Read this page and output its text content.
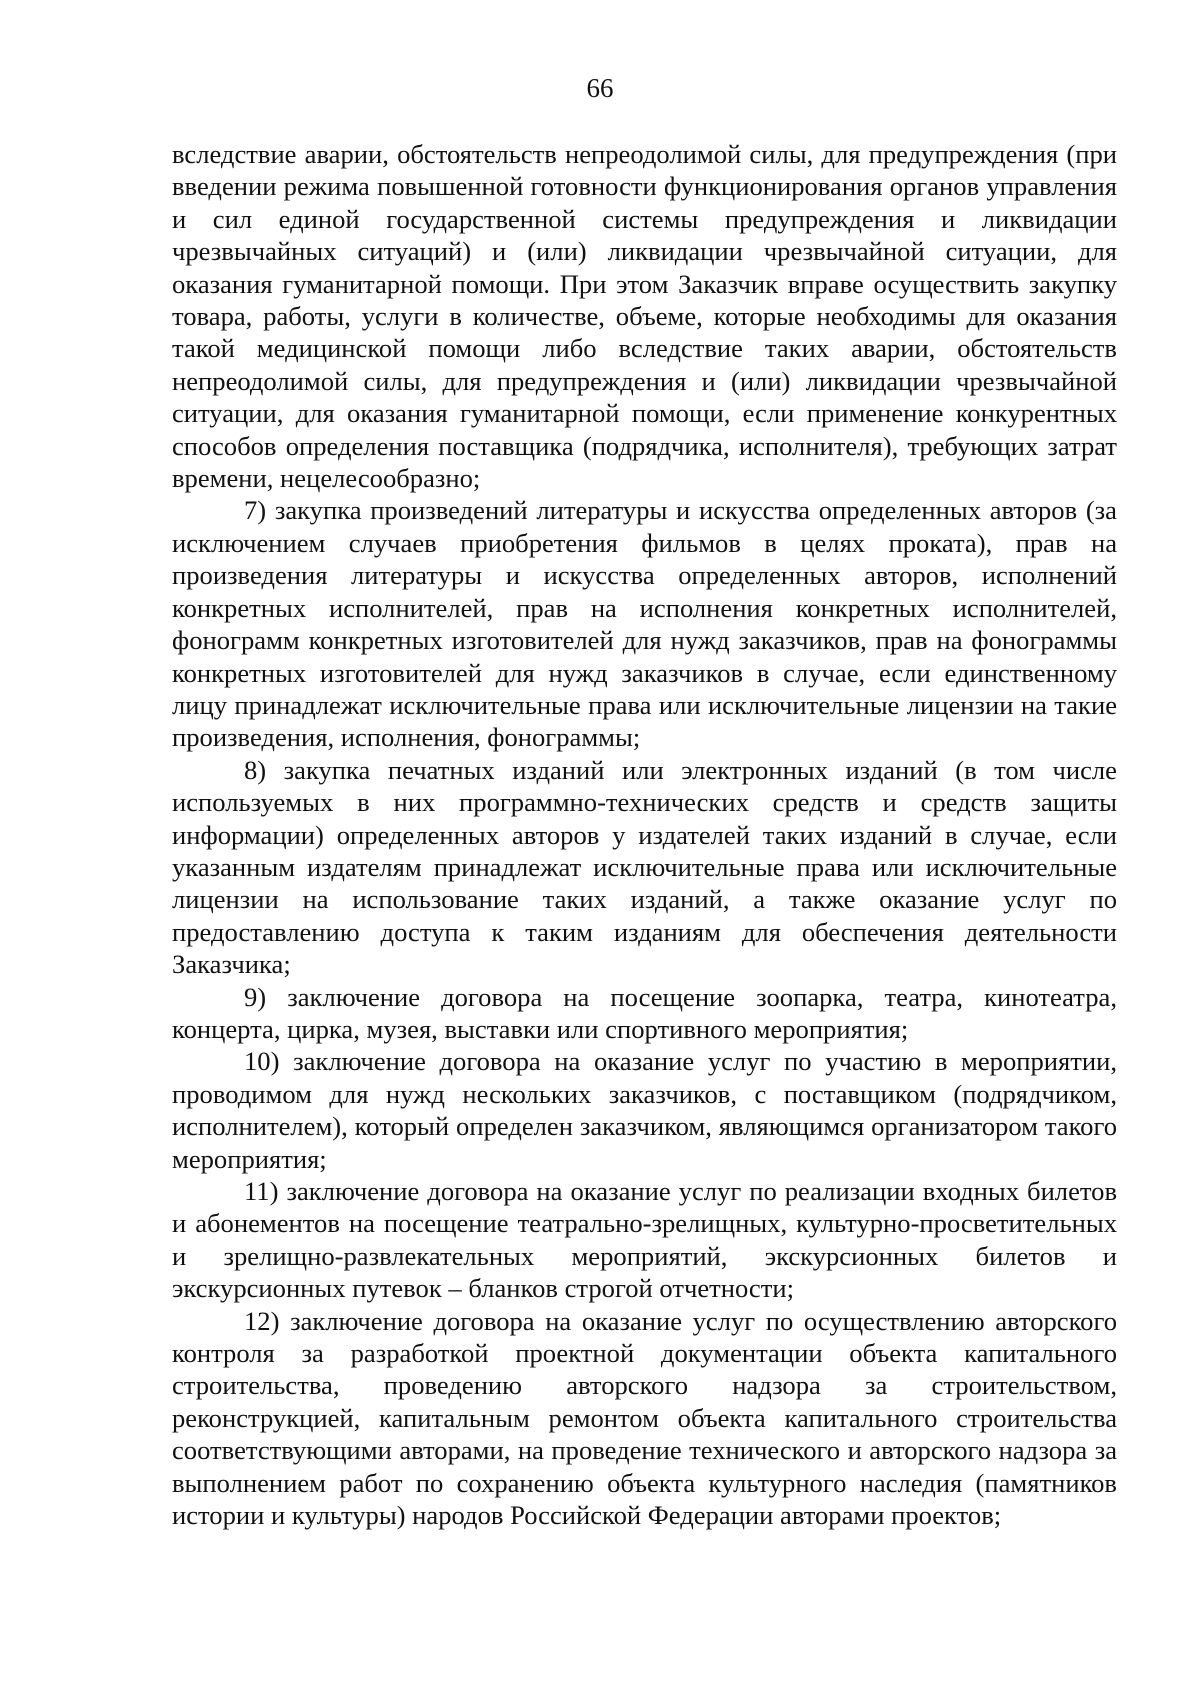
66

вследствие аварии, обстоятельств непреодолимой силы, для предупреждения (при введении режима повышенной готовности функционирования органов управления и сил единой государственной системы предупреждения и ликвидации чрезвычайных ситуаций) и (или) ликвидации чрезвычайной ситуации, для оказания гуманитарной помощи. При этом Заказчик вправе осуществить закупку товара, работы, услуги в количестве, объеме, которые необходимы для оказания такой медицинской помощи либо вследствие таких аварии, обстоятельств непреодолимой силы, для предупреждения и (или) ликвидации чрезвычайной ситуации, для оказания гуманитарной помощи, если применение конкурентных способов определения поставщика (подрядчика, исполнителя), требующих затрат времени, нецелесообразно;

7) закупка произведений литературы и искусства определенных авторов (за исключением случаев приобретения фильмов в целях проката), прав на произведения литературы и искусства определенных авторов, исполнений конкретных исполнителей, прав на исполнения конкретных исполнителей, фонограмм конкретных изготовителей для нужд заказчиков, прав на фонограммы конкретных изготовителей для нужд заказчиков в случае, если единственному лицу принадлежат исключительные права или исключительные лицензии на такие произведения, исполнения, фонограммы;

8) закупка печатных изданий или электронных изданий (в том числе используемых в них программно-технических средств и средств защиты информации) определенных авторов у издателей таких изданий в случае, если указанным издателям принадлежат исключительные права или исключительные лицензии на использование таких изданий, а также оказание услуг по предоставлению доступа к таким изданиям для обеспечения деятельности Заказчика;

9) заключение договора на посещение зоопарка, театра, кинотеатра, концерта, цирка, музея, выставки или спортивного мероприятия;

10) заключение договора на оказание услуг по участию в мероприятии, проводимом для нужд нескольких заказчиков, с поставщиком (подрядчиком, исполнителем), который определен заказчиком, являющимся организатором такого мероприятия;

11) заключение договора на оказание услуг по реализации входных билетов и абонементов на посещение театрально-зрелищных, культурно-просветительных и зрелищно-развлекательных мероприятий, экскурсионных билетов и экскурсионных путевок – бланков строгой отчетности;

12) заключение договора на оказание услуг по осуществлению авторского контроля за разработкой проектной документации объекта капитального строительства, проведению авторского надзора за строительством, реконструкцией, капитальным ремонтом объекта капитального строительства соответствующими авторами, на проведение технического и авторского надзора за выполнением работ по сохранению объекта культурного наследия (памятников истории и культуры) народов Российской Федерации авторами проектов;
